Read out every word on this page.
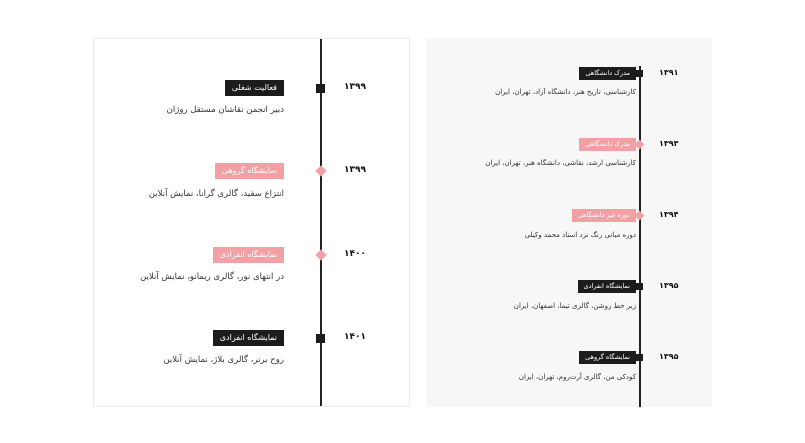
فعالیت شغلی	۱۳۹۹
دبیر انجمن نقاشان مستقل روژان
نمایشگاه گروهی	۱۳۹۹
انتزاع سفید، گالری گرانا، نمایش آنلاین
نمایشگاه انفرادی	۱۴۰۰
در انتهای نور، گالری ریمانو، نمایش آنلاین
نمایشگاه انفرادی	۱۴۰۱
روح برتر، گالری بلاژ، نمایش آنلاین
مدرک دانشگاهی	۱۳۹۱
کارشناسی، تاریخ هنر، دانشگاه آزاد، تهران، ایران
مدرک دانشگاهی	۱۳۹۳
کارشناسی ارشد، نقاشی، دانشگاه هنر، تهران، ایران
دوره غیر دانشگاهی	۱۳۹۴
دوره مبانی رنگ نزد استاد محمد وکیلی
نمایشگاه انفرادی	۱۳۹۵
زیر خط روشن، گالری تیما، اصفهان، ایران
نمایشگاه گروهی	۱۳۹۵
کودکی من، گالری آرت‌روم، تهران، ایران
